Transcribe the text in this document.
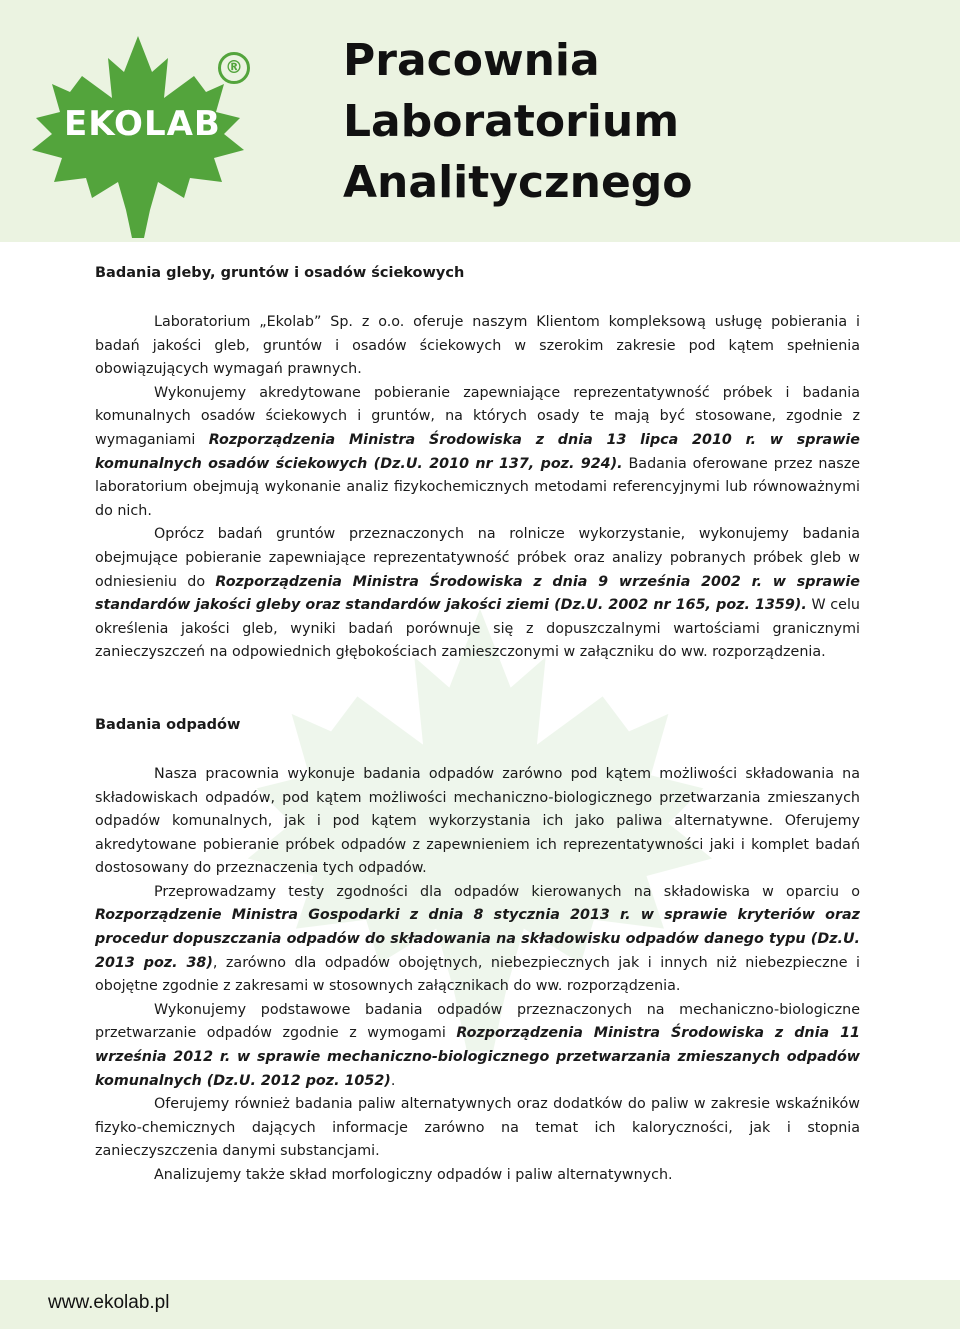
®
EKOLAB
Pracownia
Laboratorium
Analitycznego
Badania gleby, gruntów i osadów ściekowych

Laboratorium „Ekolab” Sp. z o.o. oferuje naszym Klientom kompleksową usługę pobierania i badań jakości gleb, gruntów i osadów ściekowych w szerokim zakresie pod kątem spełnienia obowiązujących wymagań prawnych.

Wykonujemy akredytowane pobieranie zapewniające reprezentatywność próbek i badania komunalnych osadów ściekowych i gruntów, na których osady te mają być stosowane, zgodnie z wymaganiami Rozporządzenia Ministra Środowiska z dnia 13 lipca 2010 r. w sprawie komunalnych osadów ściekowych (Dz.U. 2010 nr 137, poz. 924). Badania oferowane przez nasze laboratorium obejmują wykonanie analiz fizykochemicznych metodami referencyjnymi lub równoważnymi do nich.

Oprócz badań gruntów przeznaczonych na rolnicze wykorzystanie, wykonujemy badania obejmujące pobieranie zapewniające reprezentatywność próbek oraz analizy pobranych próbek gleb w odniesieniu do Rozporządzenia Ministra Środowiska z dnia 9 września 2002 r. w sprawie standardów jakości gleby oraz standardów jakości ziemi (Dz.U. 2002 nr 165, poz. 1359). W celu określenia jakości gleb, wyniki badań porównuje się z dopuszczalnymi wartościami granicznymi zanieczyszczeń na odpowiednich głębokościach zamieszczonymi w załączniku do ww. rozporządzenia.

Badania odpadów

Nasza pracownia wykonuje badania odpadów zarówno pod kątem możliwości składowania na składowiskach odpadów, pod kątem możliwości mechaniczno-biologicznego przetwarzania zmieszanych odpadów komunalnych, jak i pod kątem wykorzystania ich jako paliwa alternatywne. Oferujemy akredytowane pobieranie próbek odpadów z zapewnieniem ich reprezentatywności jaki i komplet badań dostosowany do przeznaczenia tych odpadów.

Przeprowadzamy testy zgodności dla odpadów kierowanych na składowiska w oparciu o Rozporządzenie Ministra Gospodarki z dnia 8 stycznia 2013 r. w sprawie kryteriów oraz procedur dopuszczania odpadów do składowania na składowisku odpadów danego typu (Dz.U. 2013 poz. 38), zarówno dla odpadów obojętnych, niebezpiecznych jak i innych niż niebezpieczne i obojętne zgodnie z zakresami w stosownych załącznikach do ww. rozporządzenia.

Wykonujemy podstawowe badania odpadów przeznaczonych na mechaniczno-biologiczne przetwarzanie odpadów zgodnie z wymogami Rozporządzenia Ministra Środowiska z dnia 11 września 2012 r. w sprawie mechaniczno-biologicznego przetwarzania zmieszanych odpadów komunalnych (Dz.U. 2012 poz. 1052).

Oferujemy również badania paliw alternatywnych oraz dodatków do paliw w zakresie wskaźników fizyko-chemicznych dających informacje zarówno na temat ich kaloryczności, jak i stopnia zanieczyszczenia danymi substancjami.

Analizujemy także skład morfologiczny odpadów i paliw alternatywnych.

www.ekolab.pl
